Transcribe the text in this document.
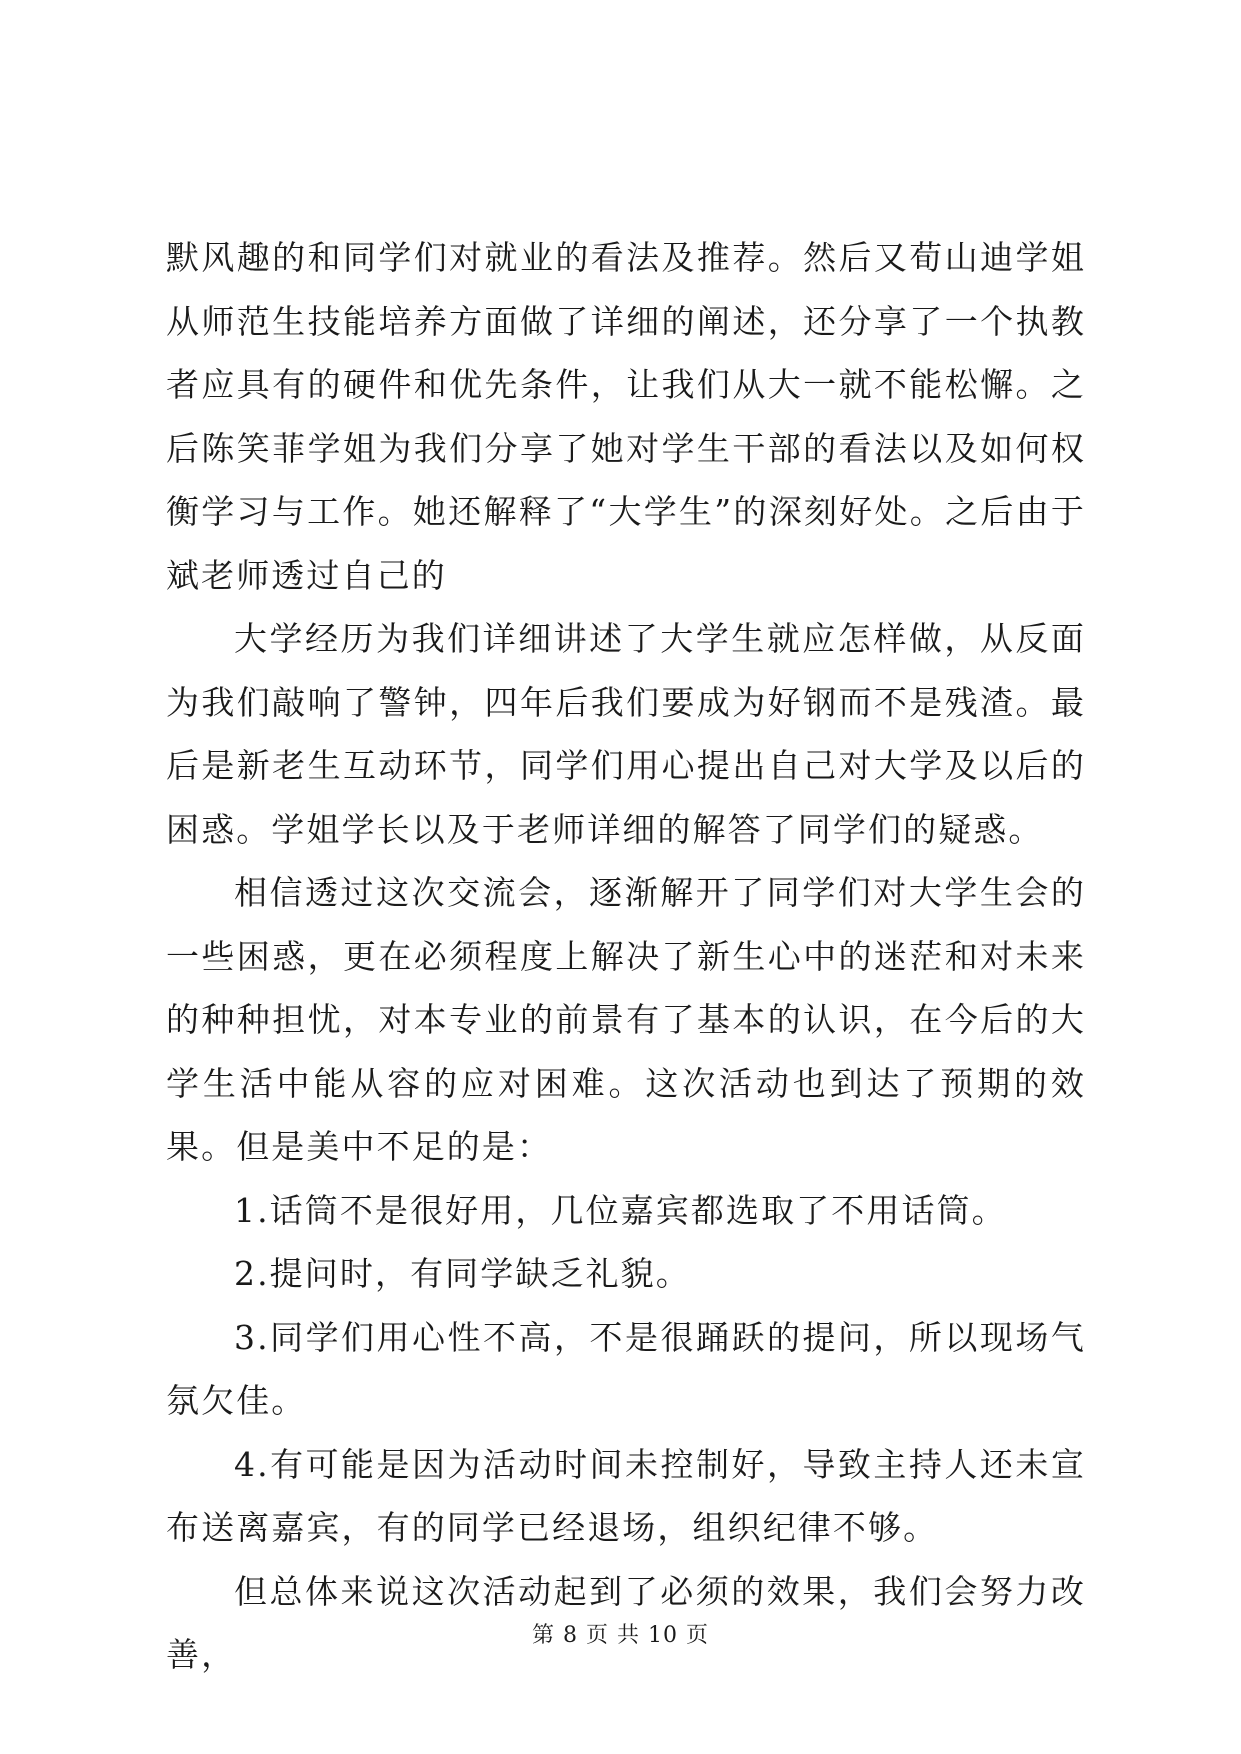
默风趣的和同学们对就业的看法及推荐。然后又荀山迪学姐从师范生技能培养方面做了详细的阐述，还分享了一个执教者应具有的硬件和优先条件，让我们从大一就不能松懈。之后陈笑菲学姐为我们分享了她对学生干部的看法以及如何权衡学习与工作。她还解释了“大学生”的深刻好处。之后由于斌老师透过自己的

大学经历为我们详细讲述了大学生就应怎样做，从反面为我们敲响了警钟，四年后我们要成为好钢而不是残渣。最后是新老生互动环节，同学们用心提出自己对大学及以后的困惑。学姐学长以及于老师详细的解答了同学们的疑惑。

相信透过这次交流会，逐渐解开了同学们对大学生会的一些困惑，更在必须程度上解决了新生心中的迷茫和对未来的种种担忧，对本专业的前景有了基本的认识，在今后的大学生活中能从容的应对困难。这次活动也到达了预期的效果。但是美中不足的是：

1.话筒不是很好用，几位嘉宾都选取了不用话筒。

2.提问时，有同学缺乏礼貌。

3.同学们用心性不高，不是很踊跃的提问，所以现场气氛欠佳。

4.有可能是因为活动时间未控制好，导致主持人还未宣布送离嘉宾，有的同学已经退场，组织纪律不够。

但总体来说这次活动起到了必须的效果，我们会努力改善，	第 8 页 共 10 页
